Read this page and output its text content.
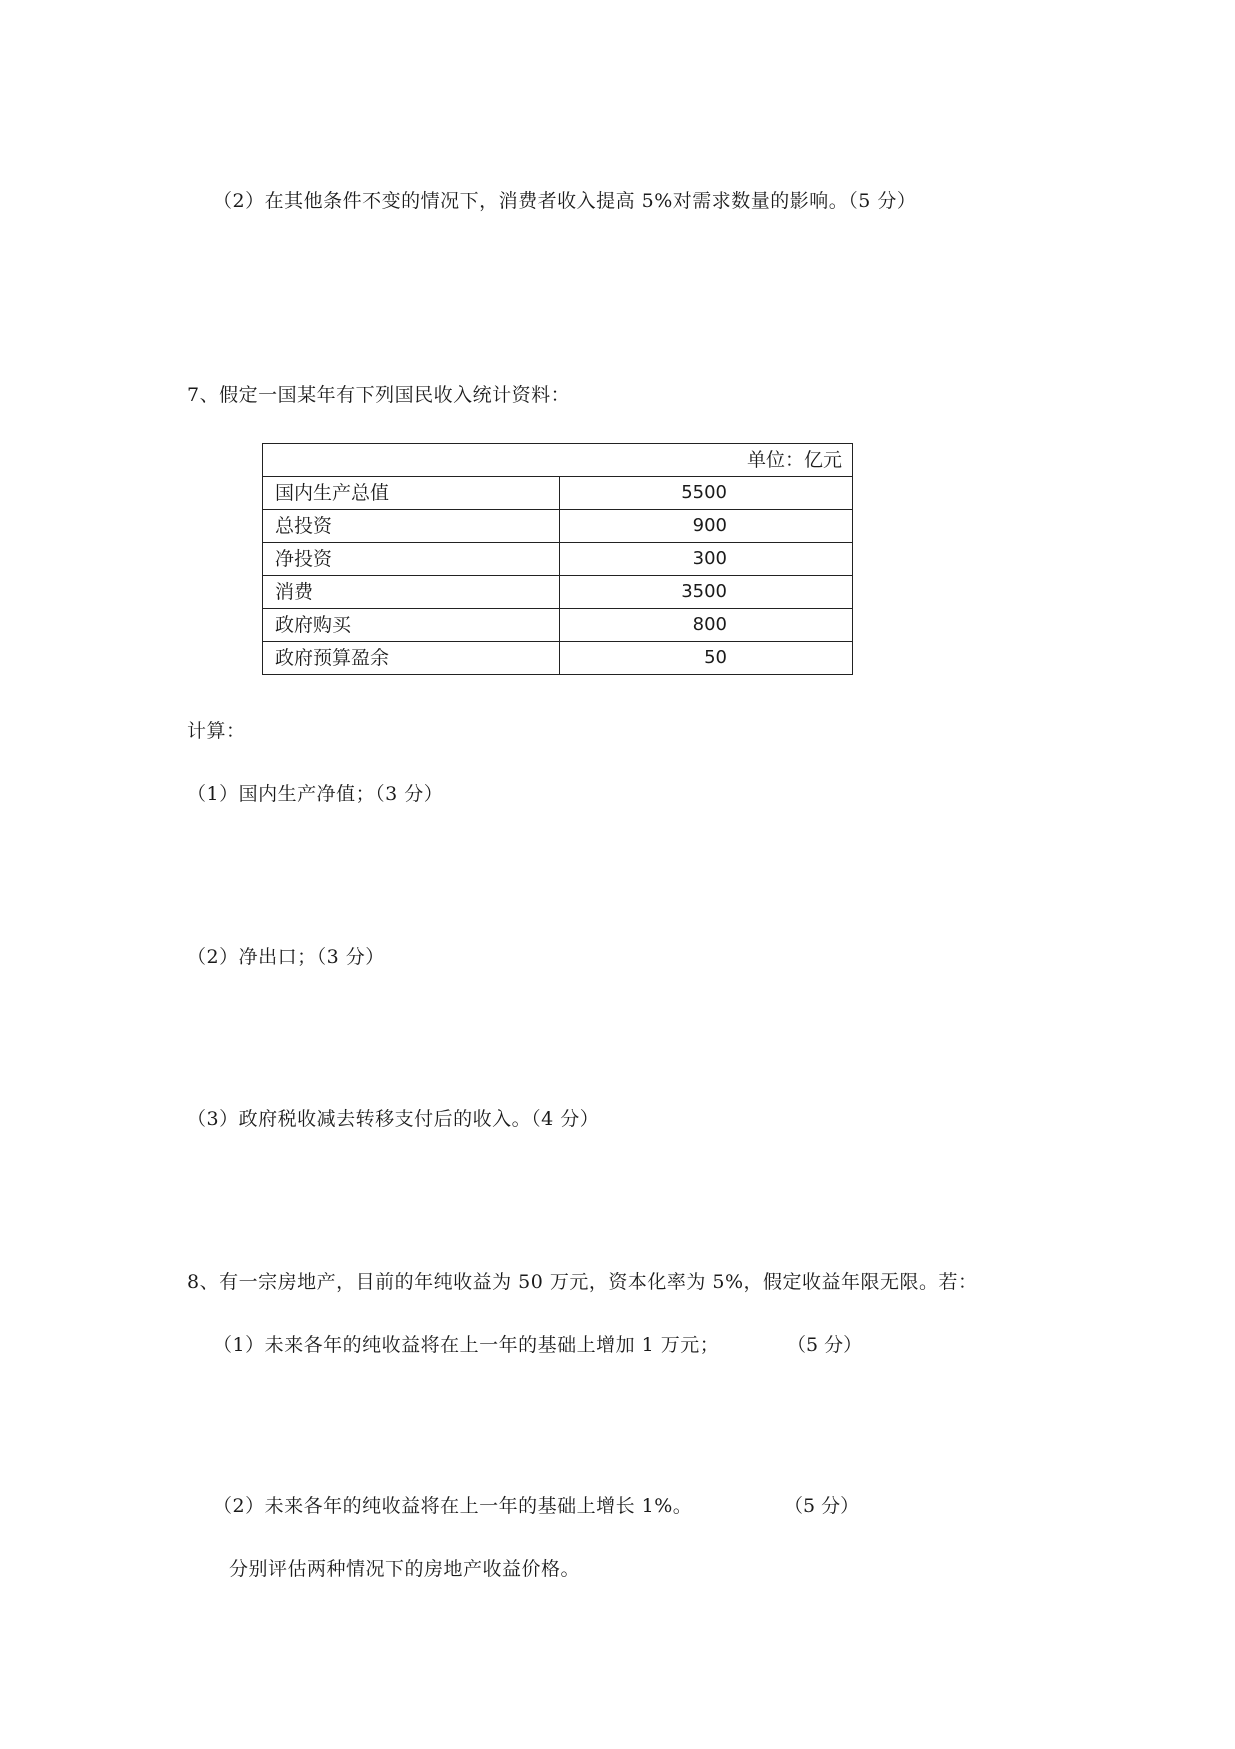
（2）在其他条件不变的情况下，消费者收入提高 5%对需求数量的影响。（5 分）
7、假定一国某年有下列国民收入统计资料：
单位：亿元	
国内生产总值	5500
总投资	900
净投资	300
消费	3500
政府购买	800
政府预算盈余	50
计算：
（1）国内生产净值；（3 分）
（2）净出口；（3 分）
（3）政府税收减去转移支付后的收入。（4 分）
8、有一宗房地产，目前的年纯收益为 50 万元，资本化率为 5%，假定收益年限无限。若：
（1）未来各年的纯收益将在上一年的基础上增加 1 万元；	（5 分）
（2）未来各年的纯收益将在上一年的基础上增长 1%。	（5 分）
分别评估两种情况下的房地产收益价格。
